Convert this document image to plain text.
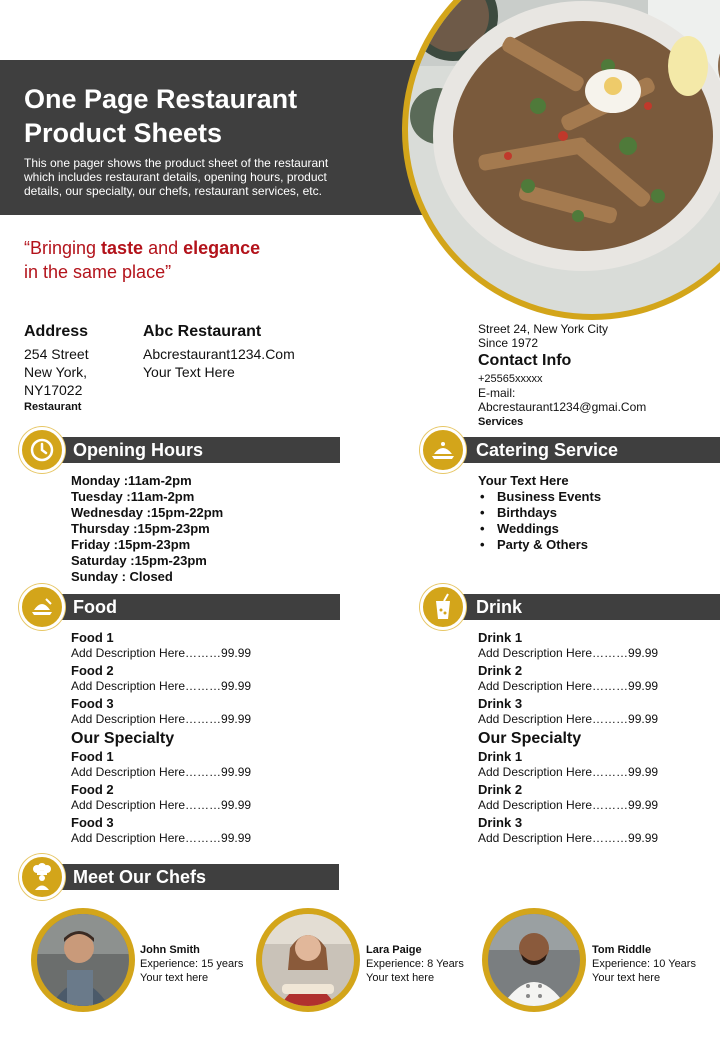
One Page Restaurant
Product Sheets
This one pager shows the product sheet of the restaurant which includes restaurant details, opening hours, product details, our specialty, our chefs, restaurant services, etc.
“Bringing taste and elegance
in the same place”
Address
254 Street
New York,
NY17022
Restaurant
Abc Restaurant
Abcrestaurant1234.Com
Your Text Here
Street 24, New York City
Since 1972
Contact Info
+25565xxxxx
E-mail:
Abcrestaurant1234@gmai.Com
Services
Opening Hours
Monday :11am-2pm
Tuesday :11am-2pm
Wednesday :15pm-22pm
Thursday :15pm-23pm
Friday :15pm-23pm
Saturday :15pm-23pm
Sunday : Closed
Catering Service
Your Text Here
• Business Events
• Birthdays
• Weddings
• Party & Others
Food
Food 1
Add Description Here………99.99
Food 2
Add Description Here………99.99
Food 3
Add Description Here………99.99
Our Specialty
Food 1
Add Description Here………99.99
Food 2
Add Description Here………99.99
Food 3
Add Description Here………99.99
Drink
Drink 1
Add Description Here………99.99
Drink 2
Add Description Here………99.99
Drink 3
Add Description Here………99.99
Our Specialty
Drink 1
Add Description Here………99.99
Drink 2
Add Description Here………99.99
Drink 3
Add Description Here………99.99
Meet Our Chefs
John Smith
Experience: 15 years
Your text here
Lara Paige
Experience: 8 Years
Your text here
Tom Riddle
Experience: 10 Years
Your text here
